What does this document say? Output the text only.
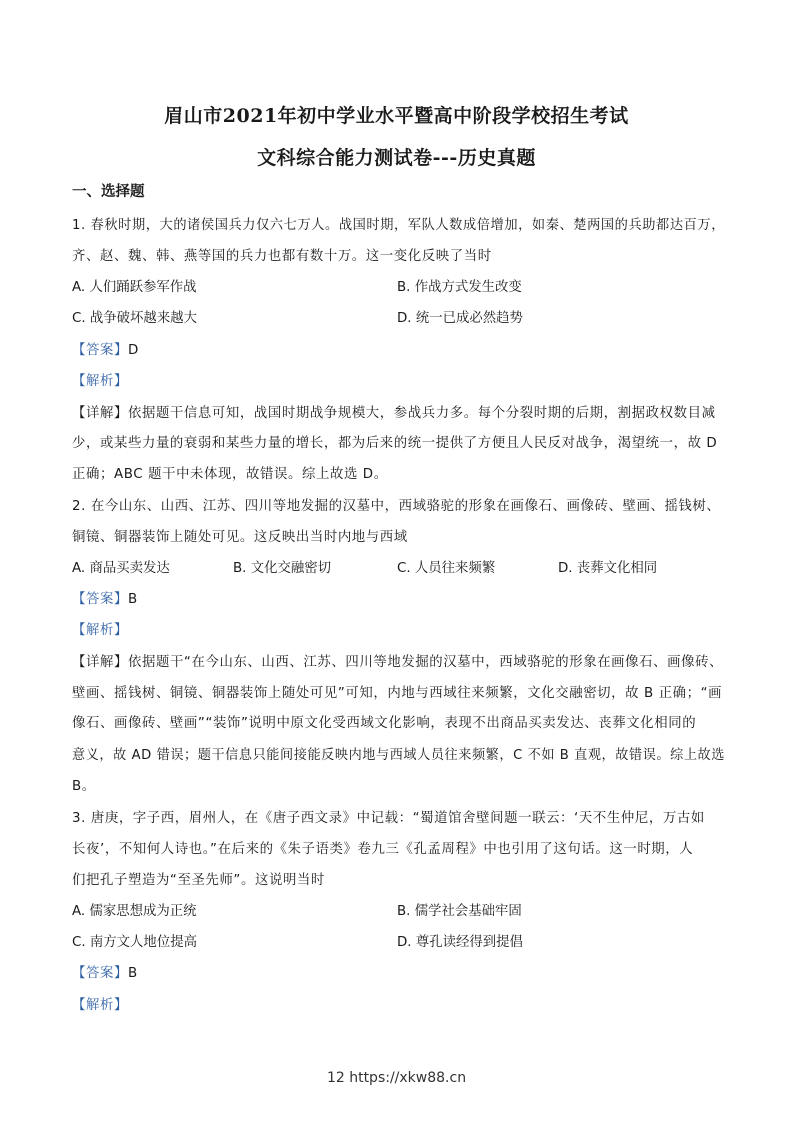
眉山市2021年初中学业水平暨高中阶段学校招生考试
文科综合能力测试卷---历史真题
一、选择题
1. 春秋时期，大的诸侯国兵力仅六七万人。战国时期，军队人数成倍增加，如秦、楚两国的兵助都达百万，
齐、赵、魏、韩、燕等国的兵力也都有数十万。这一变化反映了当时
A. 人们踊跃参军作战	B. 作战方式发生改变
C. 战争破坏越来越大	D. 统一已成必然趋势
【答案】D
【解析】
【详解】依据题干信息可知，战国时期战争规模大，参战兵力多。每个分裂时期的后期，割据政权数目减
少，或某些力量的衰弱和某些力量的增长，都为后来的统一提供了方便且人民反对战争，渴望统一，故 D
正确；ABC 题干中未体现，故错误。综上故选 D。
2. 在今山东、山西、江苏、四川等地发掘的汉墓中，西域骆驼的形象在画像石、画像砖、壁画、摇钱树、
铜镜、铜器装饰上随处可见。这反映出当时内地与西域
A. 商品买卖发达	B. 文化交融密切	C. 人员往来频繁	D. 丧葬文化相同
【答案】B
【解析】
【详解】依据题干“在今山东、山西、江苏、四川等地发掘的汉墓中，西域骆驼的形象在画像石、画像砖、
壁画、摇钱树、铜镜、铜器装饰上随处可见”可知，内地与西域往来频繁，文化交融密切，故 B 正确；“画
像石、画像砖、壁画”“装饰”说明中原文化受西域文化影响，表现不出商品买卖发达、丧葬文化相同的
意义，故 AD 错误；题干信息只能间接能反映内地与西域人员往来频繁，C 不如 B 直观，故错误。综上故选
B。
3. 唐庚，字子西，眉州人，在《唐子西文录》中记载：“蜀道馆舍壁间题一联云：‘天不生仲尼，万古如
长夜’，不知何人诗也。”在后来的《朱子语类》卷九三《孔孟周程》中也引用了这句话。这一时期，人
们把孔子塑造为“至圣先师”。这说明当时
A. 儒家思想成为正统	B. 儒学社会基础牢固
C. 南方文人地位提高	D. 尊孔读经得到提倡
【答案】B
【解析】
12 https://xkw88.cn
